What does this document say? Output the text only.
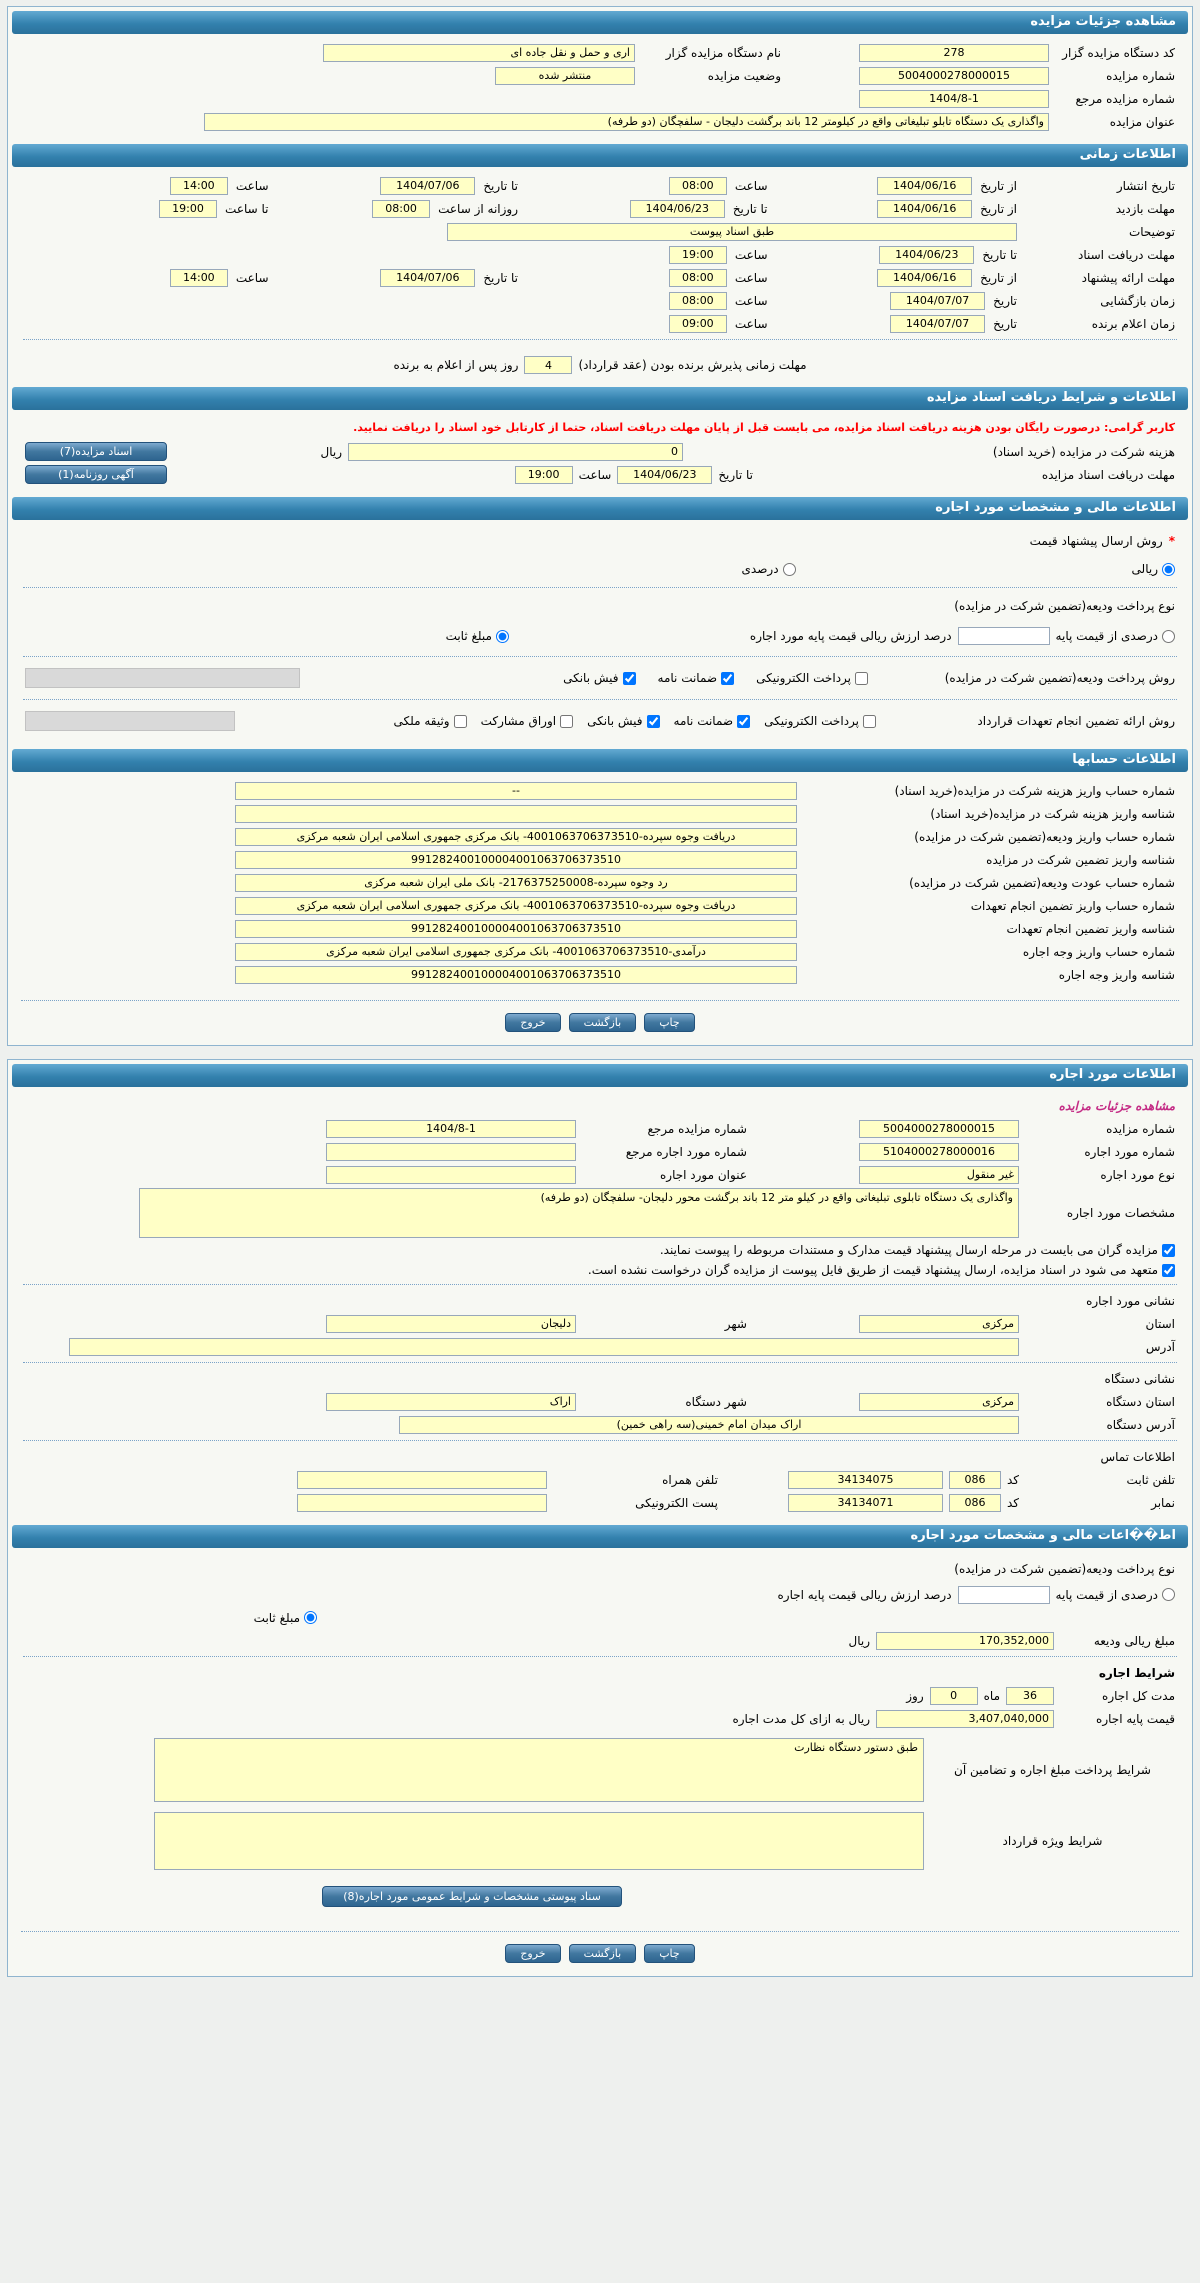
مشاهده جزئیات مزایده
کد دستگاه مزایده گزار
278
نام دستگاه مزایده گزار
اری و حمل و نقل جاده ای
شماره مزایده
5004000278000015
وضعیت مزایده
منتشر شده
شماره مزایده مرجع
1404/8-1
عنوان مزایده
واگذاری یک دستگاه تابلو تبلیغاتی واقع در کیلومتر 12 باند برگشت دلیجان - سلفچگان (دو طرفه)
اطلاعات زمانی
تاریخ انتشار
از تاریخ
1404/06/16
ساعت
08:00
تا تاریخ
1404/07/06
ساعت
14:00
مهلت بازدید
از تاریخ
1404/06/16
تا تاریخ
1404/06/23
روزانه از ساعت
08:00
تا ساعت
19:00
توضیحات
طبق اسناد پیوست
مهلت دریافت اسناد
تا تاریخ
1404/06/23
ساعت
19:00
مهلت ارائه پیشنهاد
از تاریخ
1404/06/16
ساعت
08:00
تا تاریخ
1404/07/06
ساعت
14:00
زمان بازگشایی
تاریخ
1404/07/07
ساعت
08:00
زمان اعلام برنده
تاریخ
1404/07/07
ساعت
09:00
مهلت زمانی پذیرش برنده بودن (عقد قرارداد)
4
روز پس از اعلام به برنده
اطلاعات و شرایط دریافت اسناد مزایده
کاربر گرامی: درصورت رایگان بودن هزینه دریافت اسناد مزایده، می بایست قبل از پایان مهلت دریافت اسناد، حتما از کارتابل خود اسناد را دریافت نمایید.
هزینه شرکت در مزایده (خرید اسناد)
0
ریال
اسناد مزایده(7)
مهلت دریافت اسناد مزایده
تا تاریخ
1404/06/23
ساعت
19:00
آگهی روزنامه(1)
اطلاعات مالی و مشخصات مورد اجاره
*
روش ارسال پیشنهاد قیمت
ریالی
درصدی
نوع پرداخت ودیعه(تضمین شرکت در مزایده)
درصدی از قیمت پایه
درصد ارزش ریالی قیمت پایه مورد اجاره
مبلغ ثابت
روش پرداخت ودیعه(تضمین شرکت در مزایده)
پرداخت الکترونیکی
ضمانت نامه
فیش بانکی
روش ارائه تضمین انجام تعهدات قرارداد
پرداخت الکترونیکی
ضمانت نامه
فیش بانکی
اوراق مشارکت
وثیقه ملکی
اطلاعات حسابها
شماره حساب واریز هزینه شرکت در مزایده(خرید اسناد)
--
شناسه واریز هزینه شرکت در مزایده(خرید اسناد)
شماره حساب واریز ودیعه(تضمین شرکت در مزایده)
دریافت وجوه سپرده-4001063706373510- بانک مرکزی جمهوری اسلامی ایران شعبه مرکزی
شناسه واریز تضمین شرکت در مزایده
991282400100004001063706373510
شماره حساب عودت ودیعه(تضمین شرکت در مزایده)
رد وجوه سپرده-2176375250008- بانک ملی ایران شعبه مرکزی
شماره حساب واریز تضمین انجام تعهدات
دریافت وجوه سپرده-4001063706373510- بانک مرکزی جمهوری اسلامی ایران شعبه مرکزی
شناسه واریز تضمین انجام تعهدات
991282400100004001063706373510
شماره حساب واریز وجه اجاره
درآمدی-4001063706373510- بانک مرکزی جمهوری اسلامی ایران شعبه مرکزی
شناسه واریز وجه اجاره
991282400100004001063706373510
چاپ
بازگشت
خروج
اطلاعات مورد اجاره
مشاهده جزئیات مزایده
شماره مزایده
5004000278000015
شماره مزایده مرجع
1404/8-1
شماره مورد اجاره
5104000278000016
شماره مورد اجاره مرجع
نوع مورد اجاره
غیر منقول
عنوان مورد اجاره
مشخصات مورد اجاره
واگذاری یک دستگاه تابلوی تبلیغاتی واقع در کیلو متر 12 باند برگشت محور دلیجان- سلفچگان (دو طرفه)
مزایده گران می بایست در مرحله ارسال پیشنهاد قیمت مدارک و مستندات مربوطه را پیوست نمایند.
متعهد می شود در اسناد مزایده، ارسال پیشنهاد قیمت از طریق فایل پیوست از مزایده گران درخواست نشده است.
نشانی مورد اجاره
استان
مرکزی
شهر
دلیجان
آدرس
نشانی دستگاه
استان دستگاه
مرکزی
شهر دستگاه
اراک
آدرس دستگاه
اراک میدان امام خمینی(سه راهی خمین)
اطلاعات تماس
تلفن ثابت
کد
086
34134075
تلفن همراه
نمابر
کد
086
34134071
پست الکترونیکی
اط��اعات مالی و مشخصات مورد اجاره
نوع پرداخت ودیعه(تضمین شرکت در مزایده)
درصدی از قیمت پایه
درصد ارزش ریالی قیمت پایه اجاره
مبلغ ثابت
مبلغ ریالی ودیعه
170,352,000
ریال
شرایط اجاره
مدت کل اجاره
36
ماه
0
روز
قیمت پایه اجاره
3,407,040,000
ریال به ازای کل مدت اجاره
شرایط پرداخت مبلغ اجاره و تضامین آن
طبق دستور دستگاه نظارت
شرایط ویژه قرارداد
سناد پیوستی مشخصات و شرایط عمومی مورد اجاره(8)
چاپ
بازگشت
خروج
